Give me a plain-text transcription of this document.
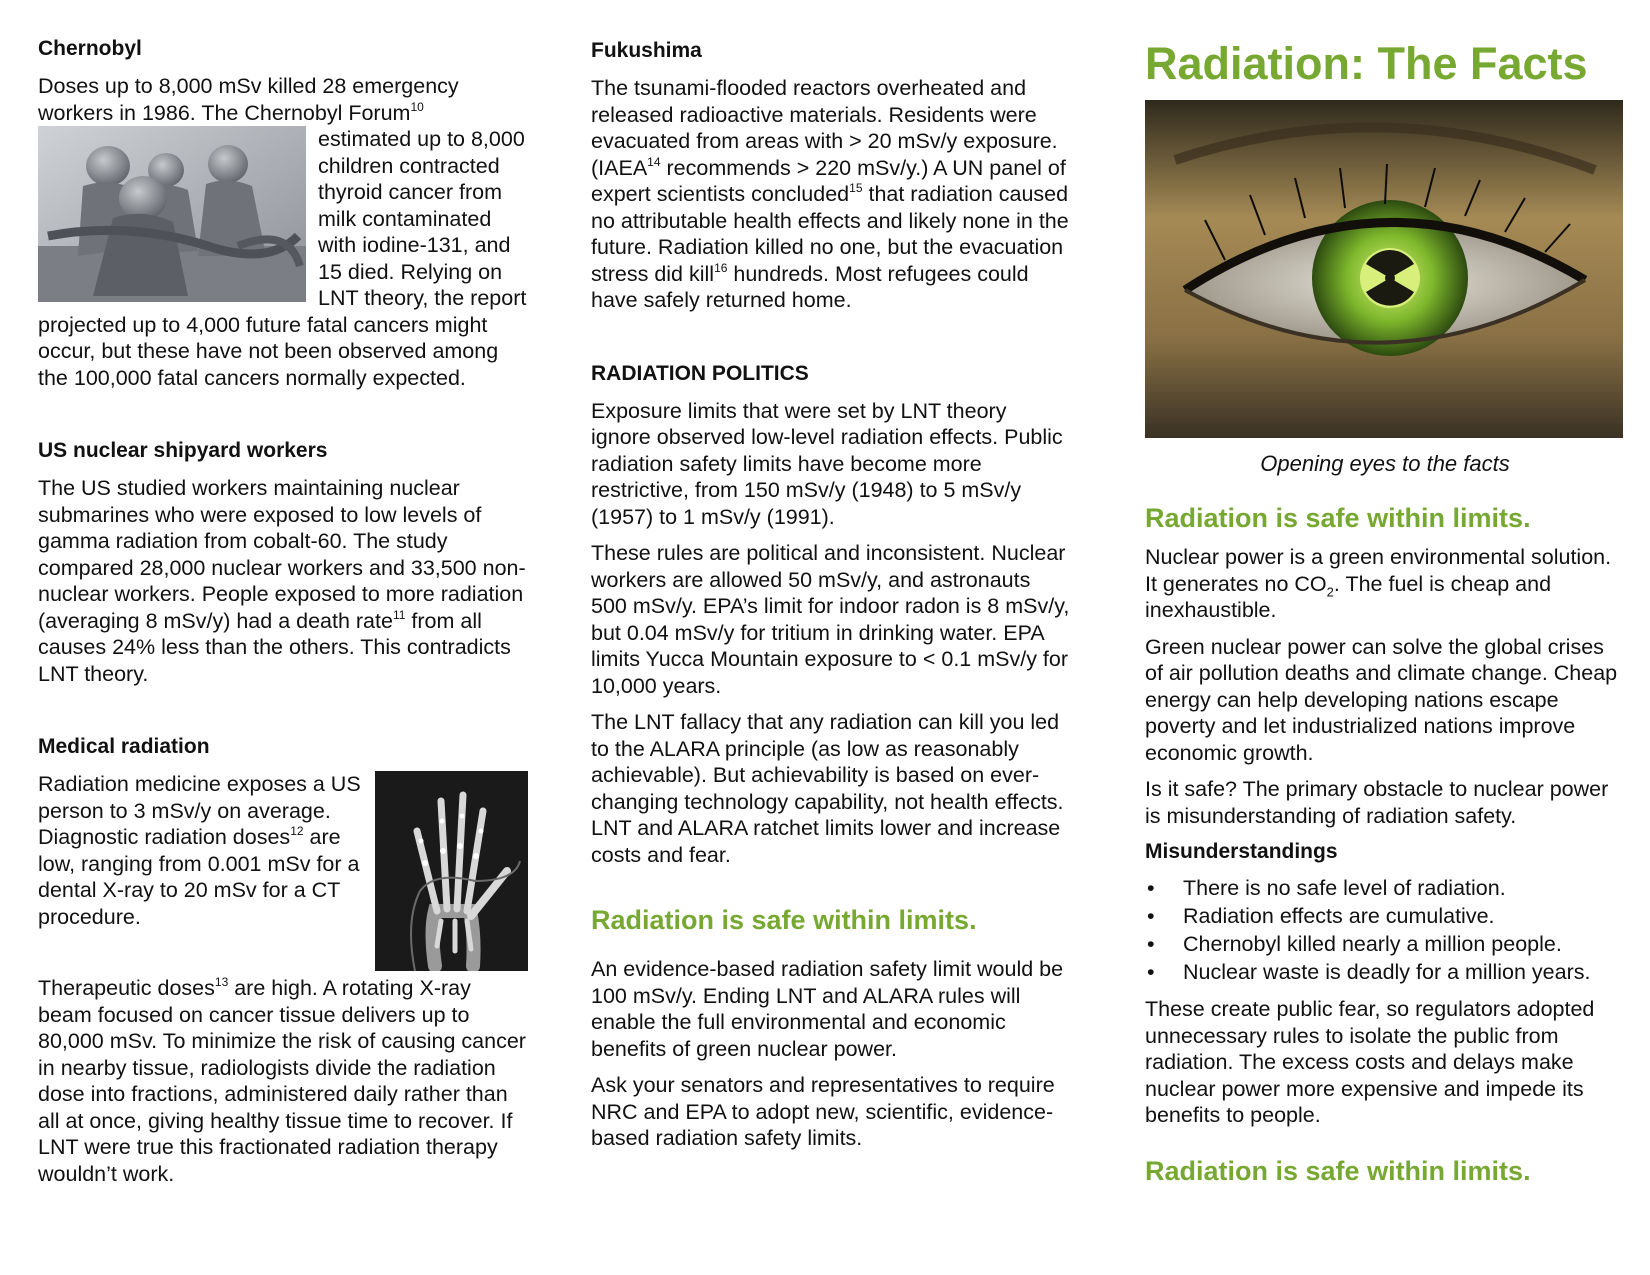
Chernobyl

Doses up to 8,000 mSv killed 28 emergency workers in 1986. The Chernobyl Forum$^{10}$

estimated up to 8,000 children contracted thyroid cancer from milk contaminated with iodine-131, and 15 died. Relying on LNT theory, the report projected up to 4,000 future fatal cancers might occur, but these have not been observed among the 100,000 fatal cancers normally expected.

US nuclear shipyard workers

The US studied workers maintaining nuclear submarines who were exposed to low levels of gamma radiation from cobalt-60. The study compared 28,000 nuclear workers and 33,500 non-nuclear workers. People exposed to more radiation (averaging 8 mSv/y) had a death rate$^{11}$ from all causes 24% less than the others. This contradicts LNT theory.

Medical radiation

Radiation medicine exposes a US person to 3 mSv/y on average. Diagnostic radiation doses$^{12}$ are low, ranging from 0.001 mSv for a dental X-ray to 20 mSv for a CT procedure.

Therapeutic doses$^{13}$ are high. A rotating X-ray beam focused on cancer tissue delivers up to 80,000 mSv. To minimize the risk of causing cancer in nearby tissue, radiologists divide the radiation dose into fractions, administered daily rather than all at once, giving healthy tissue time to recover. If LNT were true this fractionated radiation therapy wouldn’t work.

Fukushima

The tsunami-flooded reactors overheated and released radioactive materials. Residents were evacuated from areas with > 20 mSv/y exposure. (IAEA$^{14}$ recommends > 220 mSv/y.) A UN panel of expert scientists concluded$^{15}$ that radiation caused no attributable health effects and likely none in the future. Radiation killed no one, but the evacuation stress did kill$^{16}$ hundreds. Most refugees could have safely returned home.

RADIATION POLITICS

Exposure limits that were set by LNT theory ignore observed low-level radiation effects. Public radiation safety limits have become more restrictive, from 150 mSv/y (1948) to 5 mSv/y (1957) to 1 mSv/y (1991).

These rules are political and inconsistent. Nuclear workers are allowed 50 mSv/y, and astronauts 500 mSv/y. EPA’s limit for indoor radon is 8 mSv/y, but 0.04 mSv/y for tritium in drinking water. EPA limits Yucca Mountain exposure to < 0.1 mSv/y for 10,000 years.

The LNT fallacy that any radiation can kill you led to the ALARA principle (as low as reasonably achievable). But achievability is based on ever-changing technology capability, not health effects. LNT and ALARA ratchet limits lower and increase costs and fear.

Radiation is safe within limits.

An evidence-based radiation safety limit would be 100 mSv/y. Ending LNT and ALARA rules will enable the full environmental and economic benefits of green nuclear power.

Ask your senators and representatives to require NRC and EPA to adopt new, scientific, evidence-based radiation safety limits.

Radiation: The Facts

Opening eyes to the facts

Radiation is safe within limits.

Nuclear power is a green environmental solution. It generates no $CO_2$. The fuel is cheap and inexhaustible.

Green nuclear power can solve the global crises of air pollution deaths and climate change. Cheap energy can help developing nations escape poverty and let industrialized nations improve economic growth.

Is it safe? The primary obstacle to nuclear power is misunderstanding of radiation safety.

Misunderstandings
• There is no safe level of radiation.
• Radiation effects are cumulative.
• Chernobyl killed nearly a million people.
• Nuclear waste is deadly for a million years.

These create public fear, so regulators adopted unnecessary rules to isolate the public from radiation. The excess costs and delays make nuclear power more expensive and impede its benefits to people.

Radiation is safe within limits.
